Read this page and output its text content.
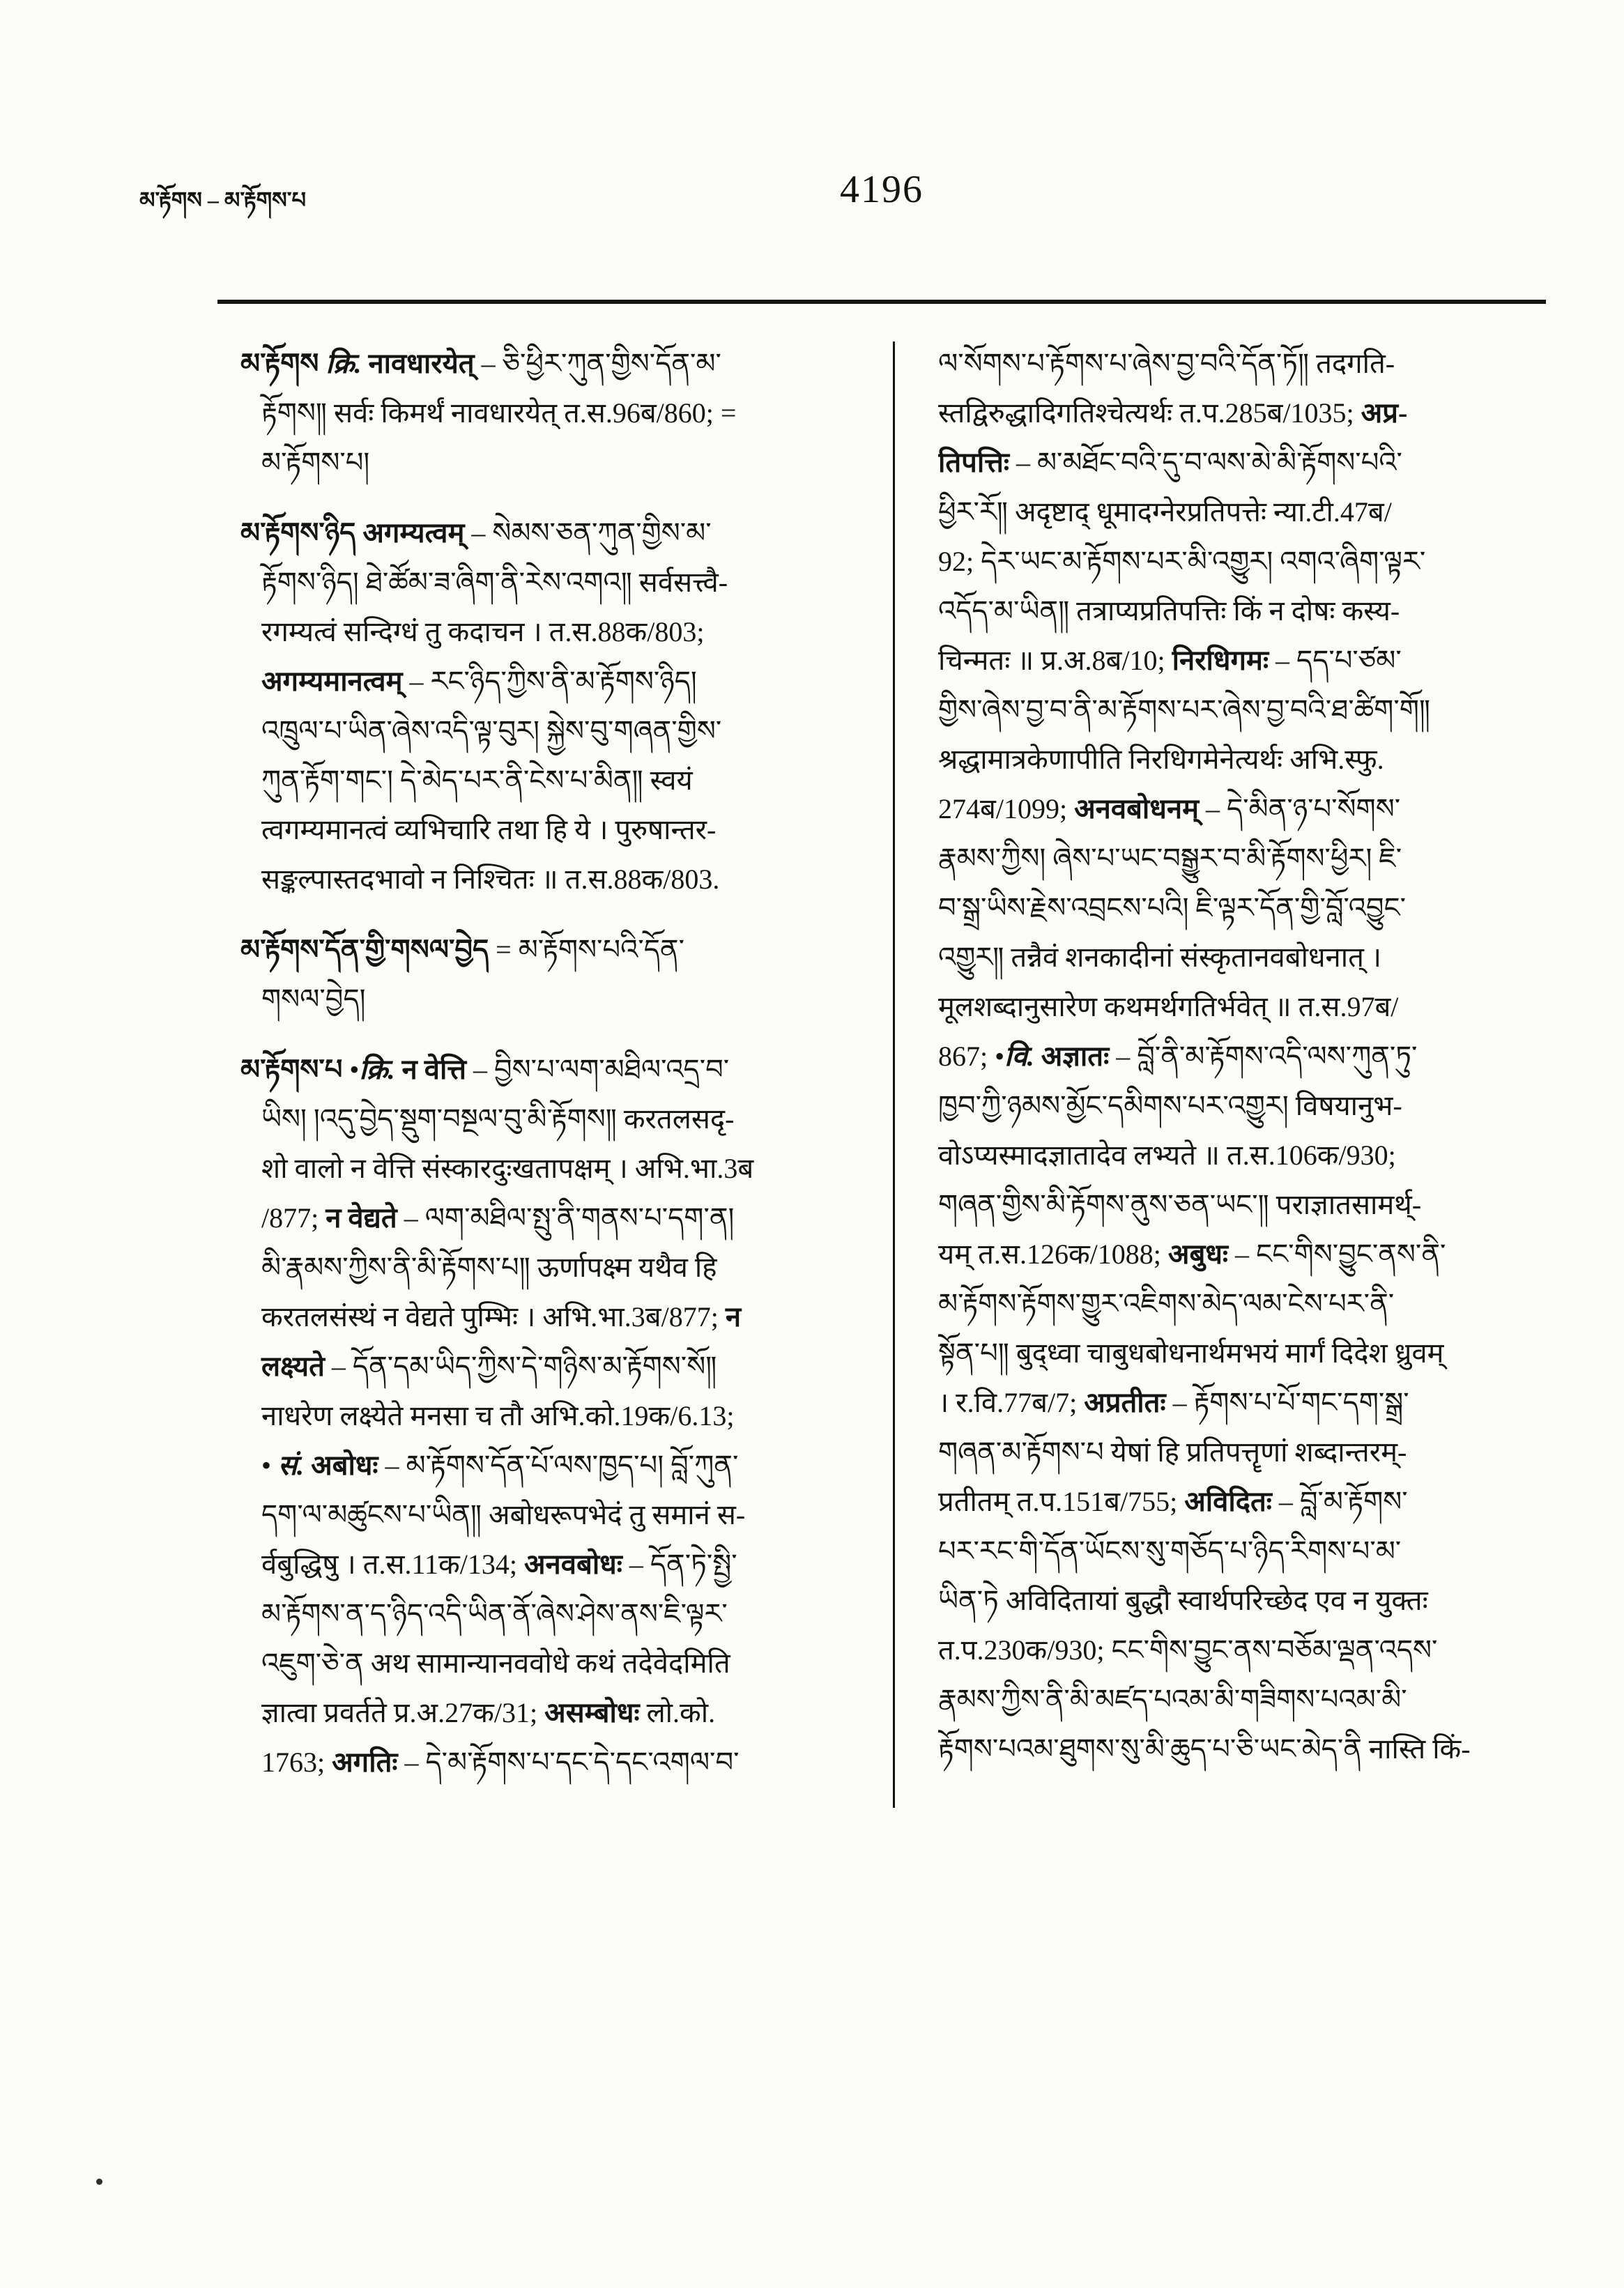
མ་རྟོགས – མ་རྟོགས་པ	4196
མ་རྟོགས क्रि. नावधारयेत् – ཅི་ཕྱིར་ཀུན་གྱིས་དོན་མ་
རྟོགས༎ सर्वः किमर्थं नावधारयेत् त.स.96ब/860; =
མ་རྟོགས་པ།
མ་རྟོགས་ཉིད अगम्यत्वम् – སེམས་ཅན་ཀུན་གྱིས་མ་
རྟོགས་ཉིད། ཐེ་ཚོམ་ཟ་ཞིག་ནི་རེས་འགའ༎ सर्वसत्त्वै-
रगम्यत्वं सन्दिग्धं तु कदाचन । त.स.88क/803;
अगम्यमानत्वम् – རང་ཉིད་ཀྱིས་ནི་མ་རྟོགས་ཉིད།
འཁྲུལ་པ་ཡིན་ཞེས་འདི་ལྟ་བུར། སྐྱེས་བུ་གཞན་གྱིས་
ཀུན་རྟོག་གང་། དེ་མེད་པར་ནི་ངེས་པ་མིན༎ स्वयं
त्वगम्यमानत्वं व्यभिचारि तथा हि ये । पुरुषान्तर-
सङ्कल्पास्तदभावो न निश्चितः ॥ त.स.88क/803.
མ་རྟོགས་དོན་གྱི་གསལ་བྱེད = མ་རྟོགས་པའི་དོན་
གསལ་བྱེད།
མ་རྟོགས་པ •क्रि. न वेत्ति – བྱིས་པ་ལག་མཐིལ་འདྲ་བ་
ཡིས། །འདུ་བྱེད་སྡུག་བསྔལ་བུ་མི་རྟོགས༎ करतलसदृ-
शो वालो न वेत्ति संस्कारदुःखतापक्षम् । अभि.भा.3ब
/877; न वेद्यते – ལག་མཐིལ་སྤུ་ནི་གནས་པ་དག་ན།
མི་རྣམས་ཀྱིས་ནི་མི་རྟོགས་པ༎ ऊर्णापक्ष्म यथैव हि
करतलसंस्थं न वेद्यते पुम्भिः । अभि.भा.3ब/877; न
लक्ष्यते – དོན་དམ་ཡིད་ཀྱིས་དེ་གཉིས་མ་རྟོགས་སོ༎
नाधरेण लक्ष्येते मनसा च तौ अभि.को.19क/6.13;
• सं. अबोधः – མ་རྟོགས་དོན་པོ་ལས་ཁྱད་པ། བློ་ཀུན་
དག་ལ་མཚུངས་པ་ཡིན༎ अबोधरूपभेदं तु समानं स-
र्वबुद्धिषु । त.स.11क/134; अनवबोधः – དོན་ཏེ་སྤྱི་
མ་རྟོགས་ན་ད་ཉིད་འདི་ཡིན་ནོ་ཞེས་ཤེས་ནས་ཇི་ལྟར་
འཇུག་ཅེ་ན अथ सामान्यानववोधे कथं तदेवेदमिति
ज्ञात्वा प्रवर्तते प्र.अ.27क/31; असम्बोधः लो.को.
1763; अगतिः – དེ་མ་རྟོགས་པ་དང་དེ་དང་འགལ་བ་
ལ་སོགས་པ་རྟོགས་པ་ཞེས་བྱ་བའི་དོན་ཏོ༎ तदगति-
स्तद्विरुद्धादिगतिश्चेत्यर्थः त.प.285ब/1035; अप्र-
तिपत्तिः – མ་མཐོང་བའི་དུ་བ་ལས་མེ་མི་རྟོགས་པའི་
ཕྱིར་རོ༎ अदृष्टाद् धूमादग्नेरप्रतिपत्तेः न्या.टी.47ब/
92; དེར་ཡང་མ་རྟོགས་པར་མི་འགྱུར། འགའ་ཞིག་ལྟར་
འདོད་མ་ཡིན༎ तत्राप्यप्रतिपत्तिः किं न दोषः कस्य-
चिन्मतः ॥ प्र.अ.8ब/10; निरधिगमः – དད་པ་ཙམ་
གྱིས་ཞེས་བྱ་བ་ནི་མ་རྟོགས་པར་ཞེས་བྱ་བའི་ཐ་ཚིག་གོ༎
श्रद्धामात्रकेणापीति निरधिगमेनेत्यर्थः अभि.स्फु.
274ब/1099; अनवबोधनम् – དེ་མིན་ཉ་པ་སོགས་
རྣམས་ཀྱིས། ཞེས་པ་ཡང་བསྒྱུར་བ་མི་རྟོགས་ཕྱིར། ཇི་
བ་སྒྲ་ཡིས་རྗེས་འབྲངས་པའི། ཇི་ལྟར་དོན་གྱི་བློ་འབྱུང་
འགྱུར༎ तन्नैवं शनकादीनां संस्कृतानवबोधनात् ।
मूलशब्दानुसारेण कथमर्थगतिर्भवेत् ॥ त.स.97ब/
867; •वि. अज्ञातः – བློ་ནི་མ་རྟོགས་འདི་ལས་ཀུན་ཏུ་
ཁྱབ་ཀྱི་ཉམས་མྱོང་དམིགས་པར་འགྱུར། विषयानुभ-
वोऽप्यस्मादज्ञातादेव लभ्यते ॥ त.स.106क/930;
གཞན་གྱིས་མི་རྟོགས་ནུས་ཅན་ཡང་༎ पराज्ञातसामर्थ्-
यम् त.स.126क/1088; अबुधः – ངང་གིས་བྱུང་ནས་ནི་
མ་རྟོགས་རྟོགས་གྱུར་འཇིགས་མེད་ལམ་ངེས་པར་ནི་
སྟོན་པ༎ बुद्ध्वा चाबुधबोधनार्थमभयं मार्गं दिदेश ध्रुवम्
। र.वि.77ब/7; अप्रतीतः – རྟོགས་པ་པོ་གང་དག་སྒྲ་
གཞན་མ་རྟོགས་པ येषां हि प्रतिपत्तॄणां शब्दान्तरम्-
प्रतीतम् त.प.151ब/755; अविदितः – བློ་མ་རྟོགས་
པར་རང་གི་དོན་ཡོངས་སུ་གཅོད་པ་ཉིད་རིགས་པ་མ་
ཡིན་ཏེ अविदितायां बुद्धौ स्वार्थपरिच्छेद एव न युक्तः
त.प.230क/930; ངང་གིས་བྱུང་ནས་བཅོམ་ལྡན་འདས་
རྣམས་ཀྱིས་ནི་མི་མཛད་པའམ་མི་གཟིགས་པའམ་མི་
རྟོགས་པའམ་ཐུགས་སུ་མི་ཆུད་པ་ཅི་ཡང་མེད་ནི नास्ति किं-
